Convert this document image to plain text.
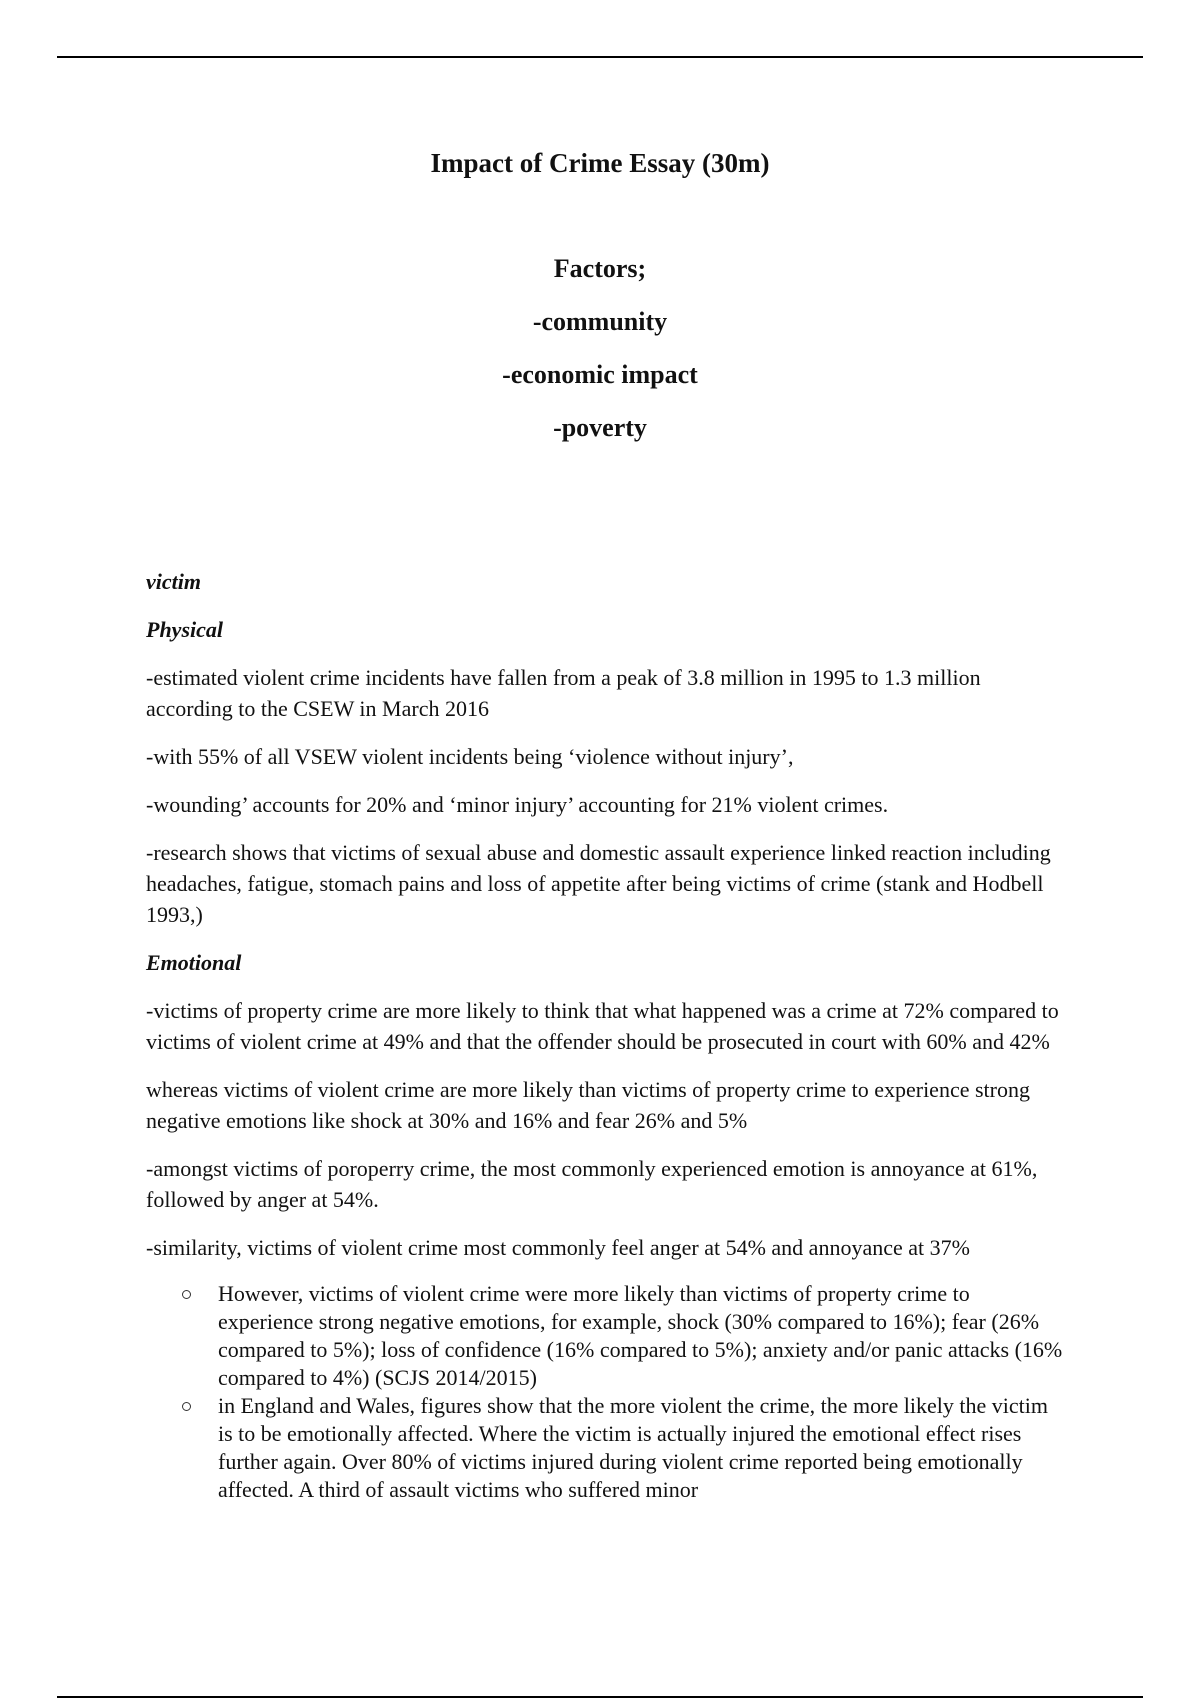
Impact of Crime Essay (30m)
Factors;
-community
-economic impact
-poverty
victim
Physical

-estimated violent crime incidents have fallen from a peak of 3.8 million in 1995 to 1.3 million according to the CSEW in March 2016

-with 55% of all VSEW violent incidents being ‘violence without injury’,

-wounding’ accounts for 20% and ‘minor injury’ accounting for 21% violent crimes.

-research shows that victims of sexual abuse and domestic assault experience linked reaction including headaches, fatigue, stomach pains and loss of appetite after being victims of crime (stank and Hodbell 1993,)

Emotional

-victims of property crime are more likely to think that what happened was a crime at 72% compared to victims of violent crime at 49% and that the offender should be prosecuted in court with 60% and 42%

whereas victims of violent crime are more likely than victims of property crime to experience strong negative emotions like shock at 30% and 16% and fear 26% and 5%

-amongst victims of poroperry crime, the most commonly experienced emotion is annoyance at 61%, followed by anger at 54%.

-similarity, victims of violent crime most commonly feel anger at 54% and annoyance at 37%

However, victims of violent crime were more likely than victims of property crime to experience strong negative emotions, for example, shock (30% compared to 16%); fear (26% compared to 5%); loss of confidence (16% compared to 5%); anxiety and/or panic attacks (16% compared to 4%) (SCJS 2014/2015)
in England and Wales, figures show that the more violent the crime, the more likely the victim is to be emotionally affected. Where the victim is actually injured the emotional effect rises further again. Over 80% of victims injured during violent crime reported being emotionally affected. A third of assault victims who suffered minor
